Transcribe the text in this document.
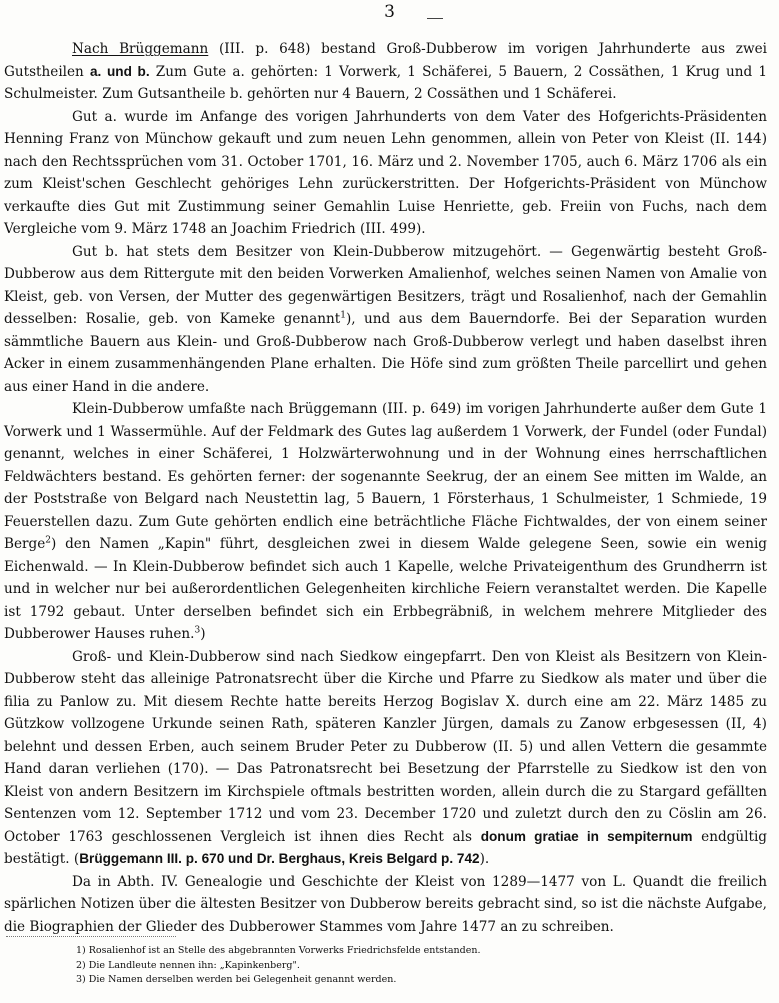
3

Nach Brüggemann (III. p. 648) bestand Groß-Dubberow im vorigen Jahrhunderte aus zwei Gutstheilen a. und b. Zum Gute a. gehörten: 1 Vorwerk, 1 Schäferei, 5 Bauern, 2 Cossäthen, 1 Krug und 1 Schulmeister. Zum Gutsantheile b. gehörten nur 4 Bauern, 2 Cossäthen und 1 Schäferei.

Gut a. wurde im Anfange des vorigen Jahrhunderts von dem Vater des Hofgerichts-Präsidenten Henning Franz von Münchow gekauft und zum neuen Lehn genommen, allein von Peter von Kleist (II. 144) nach den Rechtssprüchen vom 31. October 1701, 16. März und 2. November 1705, auch 6. März 1706 als ein zum Kleist'schen Geschlecht gehöriges Lehn zurückerstritten. Der Hofgerichts-Präsident von Münchow verkaufte dies Gut mit Zustimmung seiner Gemahlin Luise Henriette, geb. Freiin von Fuchs, nach dem Vergleiche vom 9. März 1748 an Joachim Friedrich (III. 499).

Gut b. hat stets dem Besitzer von Klein-Dubberow mitzugehört. — Gegenwärtig besteht Groß-Dubberow aus dem Rittergute mit den beiden Vorwerken Amalienhof, welches seinen Namen von Amalie von Kleist, geb. von Versen, der Mutter des gegenwärtigen Besitzers, trägt und Rosalienhof, nach der Gemahlin desselben: Rosalie, geb. von Kameke genannt$^1$), und aus dem Bauerndorfe. Bei der Separation wurden sämmtliche Bauern aus Klein- und Groß-Dubberow nach Groß-Dubberow verlegt und haben daselbst ihren Acker in einem zusammenhängenden Plane erhalten. Die Höfe sind zum größten Theile parcellirt und gehen aus einer Hand in die andere.

Klein-Dubberow umfaßte nach Brüggemann (III. p. 649) im vorigen Jahrhunderte außer dem Gute 1 Vorwerk und 1 Wassermühle. Auf der Feldmark des Gutes lag außerdem 1 Vorwerk, der Fundel (oder Fundal) genannt, welches in einer Schäferei, 1 Holzwärterwohnung und in der Wohnung eines herrschaftlichen Feldwächters bestand. Es gehörten ferner: der sogenannte Seekrug, der an einem See mitten im Walde, an der Poststraße von Belgard nach Neustettin lag, 5 Bauern, 1 Försterhaus, 1 Schulmeister, 1 Schmiede, 19 Feuerstellen dazu. Zum Gute gehörten endlich eine beträchtliche Fläche Fichtwaldes, der von einem seiner Berge$^2$) den Namen „Kapin" führt, desgleichen zwei in diesem Walde gelegene Seen, sowie ein wenig Eichenwald. — In Klein-Dubberow befindet sich auch 1 Kapelle, welche Privateigenthum des Grundherrn ist und in welcher nur bei außerordentlichen Gelegenheiten kirchliche Feiern veranstaltet werden. Die Kapelle ist 1792 gebaut. Unter derselben befindet sich ein Erbbegräbniß, in welchem mehrere Mitglieder des Dubberower Hauses ruhen.$^3$)

Groß- und Klein-Dubberow sind nach Siedkow eingepfarrt. Den von Kleist als Besitzern von Klein-Dubberow steht das alleinige Patronatsrecht über die Kirche und Pfarre zu Siedkow als mater und über die filia zu Panlow zu. Mit diesem Rechte hatte bereits Herzog Bogislav X. durch eine am 22. März 1485 zu Gützkow vollzogene Urkunde seinen Rath, späteren Kanzler Jürgen, damals zu Zanow erbgesessen (II, 4) belehnt und dessen Erben, auch seinem Bruder Peter zu Dubberow (II. 5) und allen Vettern die gesammte Hand daran verliehen (170). — Das Patronatsrecht bei Besetzung der Pfarrstelle zu Siedkow ist den von Kleist von andern Besitzern im Kirchspiele oftmals bestritten worden, allein durch die zu Stargard gefällten Sentenzen vom 12. September 1712 und vom 23. December 1720 und zuletzt durch den zu Cöslin am 26. October 1763 geschlossenen Vergleich ist ihnen dies Recht als donum gratiae in sempiternum endgültig bestätigt. (Brüggemann III. p. 670 und Dr. Berghaus, Kreis Belgard p. 742).

Da in Abth. IV. Genealogie und Geschichte der Kleist von 1289—1477 von L. Quandt die freilich spärlichen Notizen über die ältesten Besitzer von Dubberow bereits gebracht sind, so ist die nächste Aufgabe, die Biographien der Glieder des Dubberower Stammes vom Jahre 1477 an zu schreiben.

1) Rosalienhof ist an Stelle des abgebrannten Vorwerks Friedrichsfelde entstanden.

2) Die Landleute nennen ihn: „Kapinkenberg".

3) Die Namen derselben werden bei Gelegenheit genannt werden.
